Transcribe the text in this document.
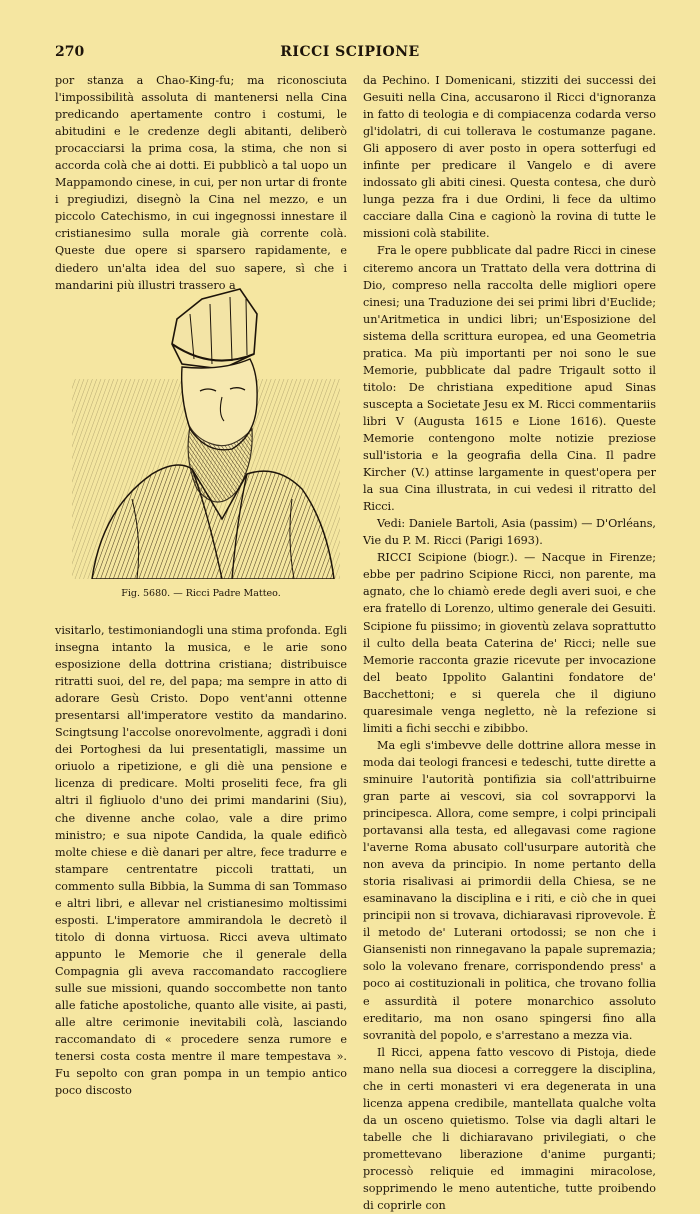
270	RICCI SCIPIONE

por stanza a Chao-King-fu; ma riconosciuta l'impossibilità assoluta di mantenersi nella Cina predicando apertamente contro i costumi, le abitudini e le credenze degli abitanti, deliberò procacciarsi la prima cosa, la stima, che non si accorda colà che ai dotti. Ei pubblicò a tal uopo un Mappamondo cinese, in cui, per non urtar di fronte i pregiudizi, disegnò la Cina nel mezzo, e un piccolo Catechismo, in cui ingegnossi innestare il cristianesimo sulla morale già corrente colà. Queste due opere si sparsero rapidamente, e diedero un'alta idea del suo sapere, sì che i mandarini più illustri trassero a

Fig. 5680. — Ricci Padre Matteo.

visitarlo, testimoniandogli una stima profonda. Egli insegna intanto la musica, e le arie sono esposizione della dottrina cristiana; distribuisce ritratti suoi, del re, del papa; ma sempre in atto di adorare Gesù Cristo. Dopo vent'anni ottenne presentarsi all'imperatore vestito da mandarino. Scingtsung l'accolse onorevolmente, aggradì i doni dei Portoghesi da lui presentatigli, massime un oriuolo a ripetizione, e gli diè una pensione e licenza di predicare. Molti proseliti fece, fra gli altri il figliuolo d'uno dei primi mandarini (Siu), che divenne anche colao, vale a dire primo ministro; e sua nipote Candida, la quale edificò molte chiese e diè danari per altre, fece tradurre e stampare centrentatre piccoli trattati, un commento sulla Bibbia, la Summa di san Tommaso e altri libri, e allevar nel cristianesimo moltissimi esposti. L'imperatore ammirandola le decretò il titolo di donna virtuosa. Ricci aveva ultimato appunto le Memorie che il generale della Compagnia gli aveva raccomandato raccogliere sulle sue missioni, quando soccombette non tanto alle fatiche apostoliche, quanto alle visite, ai pasti, alle altre cerimonie inevitabili colà, lasciando raccomandato di « procedere senza rumore e tenersi costa costa mentre il mare tempestava ». Fu sepolto con gran pompa in un tempio antico poco discosto

da Pechino. I Domenicani, stizziti dei successi dei Gesuiti nella Cina, accusarono il Ricci d'ignoranza in fatto di teologia e di compiacenza codarda verso gl'idolatri, di cui tollerava le costumanze pagane. Gli apposero di aver posto in opera sotterfugi ed infinte per predicare il Vangelo e di avere indossato gli abiti cinesi. Questa contesa, che durò lunga pezza fra i due Ordini, li fece da ultimo cacciare dalla Cina e cagionò la rovina di tutte le missioni colà stabilite.

Fra le opere pubblicate dal padre Ricci in cinese citeremo ancora un Trattato della vera dottrina di Dio, compreso nella raccolta delle migliori opere cinesi; una Traduzione dei sei primi libri d'Euclide; un'Aritmetica in undici libri; un'Esposizione del sistema della scrittura europea, ed una Geometria pratica. Ma più importanti per noi sono le sue Memorie, pubblicate dal padre Trigault sotto il titolo: De christiana expeditione apud Sinas suscepta a Societate Jesu ex M. Ricci commentariis libri V (Augusta 1615 e Lione 1616). Queste Memorie contengono molte notizie preziose sull'istoria e la geografia della Cina. Il padre Kircher (V.) attinse largamente in quest'opera per la sua Cina illustrata, in cui vedesi il ritratto del Ricci.

Vedi: Daniele Bartoli, Asia (passim) — D'Orléans, Vie du P. M. Ricci (Parigi 1693).

RICCI Scipione (biogr.). — Nacque in Firenze; ebbe per padrino Scipione Ricci, non parente, ma agnato, che lo chiamò erede degli averi suoi, e che era fratello di Lorenzo, ultimo generale dei Gesuiti. Scipione fu piissimo; in gioventù zelava soprattutto il culto della beata Caterina de' Ricci; nelle sue Memorie racconta grazie ricevute per invocazione del beato Ippolito Galantini fondatore de' Bacchettoni; e si querela che il digiuno quaresimale venga negletto, nè la refezione si limiti a fichi secchi e zibibbo.

Ma egli s'imbevve delle dottrine allora messe in moda dai teologi francesi e tedeschi, tutte dirette a sminuire l'autorità pontifizia sia coll'attribuirne gran parte ai vescovi, sia col sovrapporvi la principesca. Allora, come sempre, i colpi principali portavansi alla testa, ed allegavasi come ragione l'averne Roma abusato coll'usurpare autorità che non aveva da principio. In nome pertanto della storia risalivasi ai primordii della Chiesa, se ne esaminavano la disciplina e i riti, e ciò che in quei principii non si trovava, dichiaravasi riprovevole. È il metodo de' Luterani ortodossi; se non che i Giansenisti non rinnegavano la papale supremazia; solo la volevano frenare, corrispondendo press' a poco ai costituzionali in politica, che trovano follia e assurdità il potere monarchico assoluto ereditario, ma non osano spingersi fino alla sovranità del popolo, e s'arrestano a mezza via.

Il Ricci, appena fatto vescovo di Pistoja, diede mano nella sua diocesi a correggere la disciplina, che in certi monasteri vi era degenerata in una licenza appena credibile, mantellata qualche volta da un osceno quietismo. Tolse via dagli altari le tabelle che li dichiaravano privilegiati, o che promettevano liberazione d'anime purganti; processò reliquie ed immagini miracolose, sopprimendo le meno autentiche, tutte proibendo di coprirle con
